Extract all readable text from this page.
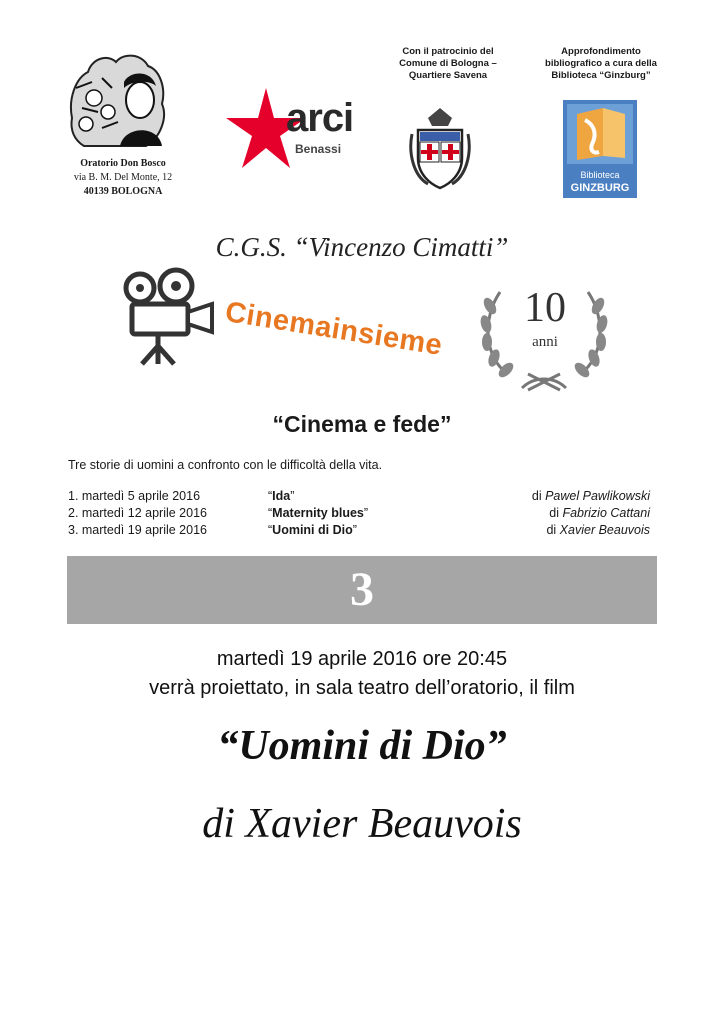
Oratorio Don Bosco
via B. M. Del Monte, 12
40139 BOLOGNA
arci
Benassi
Con il patrocinio del
Comune di Bologna –
Quartiere Savena
Approfondimento
bibliografico a cura della
Biblioteca “Ginzburg”
Biblioteca
GINZBURG
C.G.S. “Vincenzo Cimatti”
Cinemainsieme 10
anni
“Cinema e fede”
Tre storie di uomini a confronto con le difficoltà della vita.
1. martedì 5 aprile 2016	“Ida”	di Pawel Pawlikowski
2. martedì 12 aprile 2016	“Maternity blues”	di Fabrizio Cattani
3. martedì 19 aprile 2016	“Uomini di Dio”	di Xavier Beauvois
3
martedì 19 aprile 2016 ore 20:45
verrà proiettato, in sala teatro dell’oratorio, il film
“Uomini di Dio”
di Xavier Beauvois
